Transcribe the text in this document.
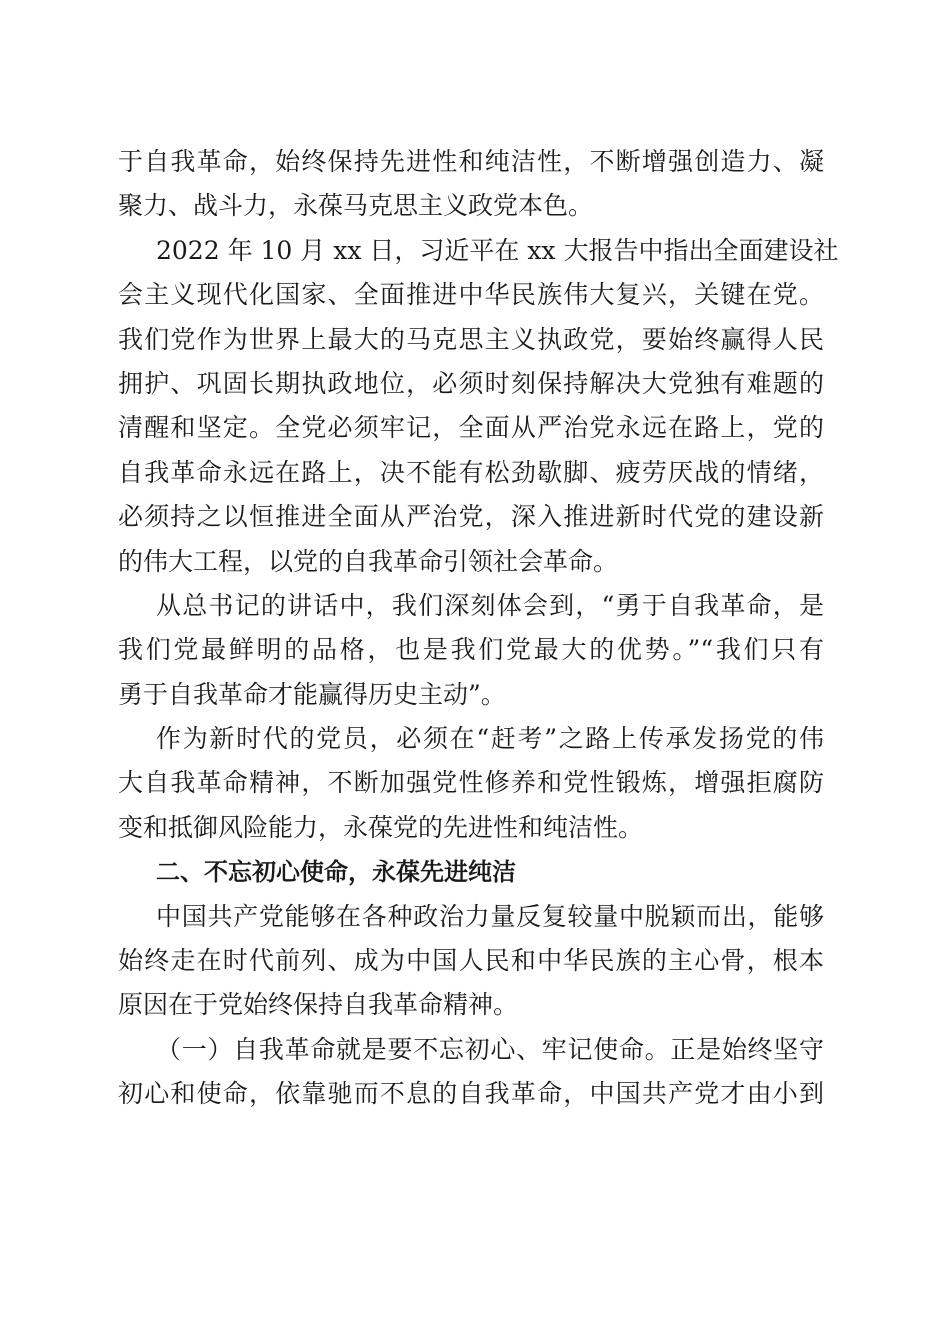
于自我革命，始终保持先进性和纯洁性，不断增强创造力、凝
聚力、战斗力，永葆马克思主义政党本色。
2022 年 10 月 xx 日，习近平在 xx 大报告中指出全面建设社
会主义现代化国家、全面推进中华民族伟大复兴，关键在党。
我们党作为世界上最大的马克思主义执政党，要始终赢得人民
拥护、巩固长期执政地位，必须时刻保持解决大党独有难题的
清醒和坚定。全党必须牢记，全面从严治党永远在路上，党的
自我革命永远在路上，决不能有松劲歇脚、疲劳厌战的情绪，
必须持之以恒推进全面从严治党，深入推进新时代党的建设新
的伟大工程，以党的自我革命引领社会革命。
从总书记的讲话中，我们深刻体会到，“勇于自我革命，是
我们党最鲜明的品格，也是我们党最大的优势。”“我们只有
勇于自我革命才能赢得历史主动”。
作为新时代的党员，必须在“赶考”之路上传承发扬党的伟
大自我革命精神，不断加强党性修养和党性锻炼，增强拒腐防
变和抵御风险能力，永葆党的先进性和纯洁性。
二、不忘初心使命，永葆先进纯洁
中国共产党能够在各种政治力量反复较量中脱颖而出，能够
始终走在时代前列、成为中国人民和中华民族的主心骨，根本
原因在于党始终保持自我革命精神。
（一）自我革命就是要不忘初心、牢记使命。正是始终坚守
初心和使命，依靠驰而不息的自我革命，中国共产党才由小到
